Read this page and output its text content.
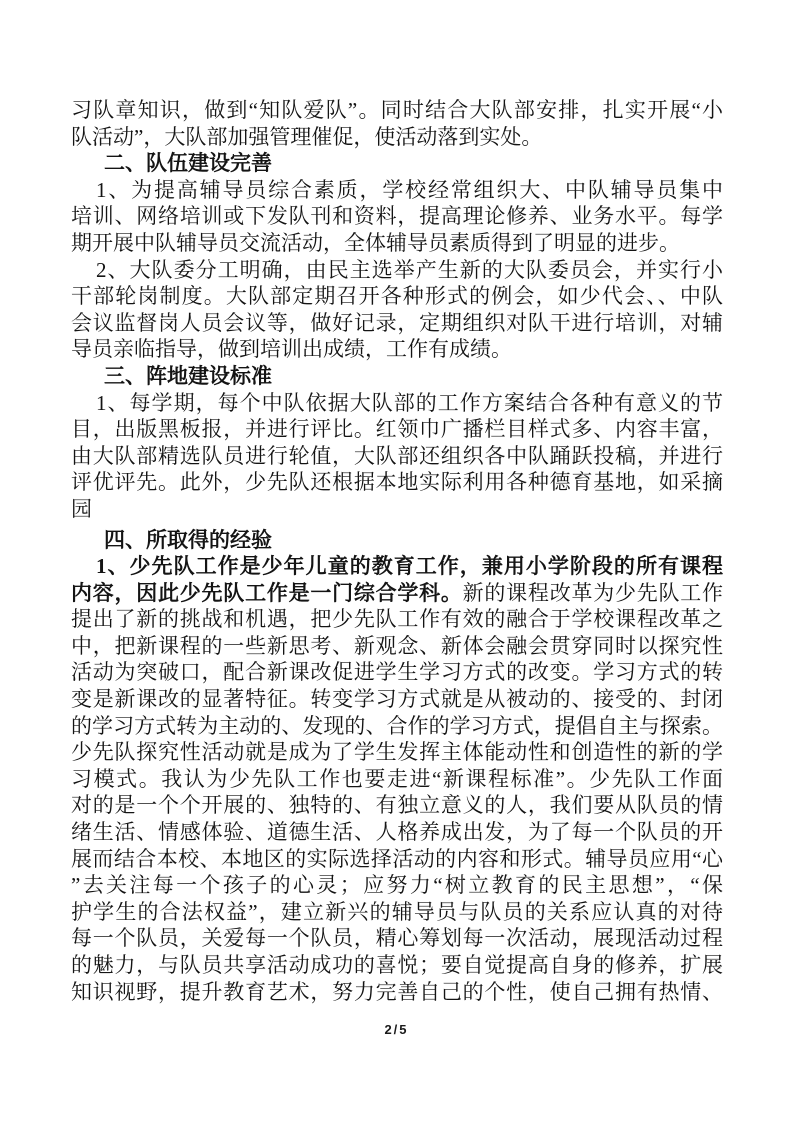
习队章知识，做到“知队爱队”。同时结合大队部安排，扎实开展“小
队活动”，大队部加强管理催促，使活动落到实处。
二、队伍建设完善
1、为提高辅导员综合素质，学校经常组织大、中队辅导员集中
培训、网络培训或下发队刊和资料，提高理论修养、业务水平。每学
期开展中队辅导员交流活动，全体辅导员素质得到了明显的进步。
2、大队委分工明确，由民主选举产生新的大队委员会，并实行小
干部轮岗制度。大队部定期召开各种形式的例会，如少代会、、中队
会议监督岗人员会议等，做好记录，定期组织对队干进行培训，对辅
导员亲临指导，做到培训出成绩，工作有成绩。
三、阵地建设标准
1、每学期，每个中队依据大队部的工作方案结合各种有意义的节
目，出版黑板报，并进行评比。红领巾广播栏目样式多、内容丰富，
由大队部精选队员进行轮值，大队部还组织各中队踊跃投稿，并进行
评优评先。此外，少先队还根据本地实际利用各种德育基地，如采摘
园
四、所取得的经验
1、少先队工作是少年儿童的教育工作，兼用小学阶段的所有课程
内容，因此少先队工作是一门综合学科。新的课程改革为少先队工作
提出了新的挑战和机遇，把少先队工作有效的融合于学校课程改革之
中，把新课程的一些新思考、新观念、新体会融会贯穿同时以探究性
活动为突破口，配合新课改促进学生学习方式的改变。学习方式的转
变是新课改的显著特征。转变学习方式就是从被动的、接受的、封闭
的学习方式转为主动的、发现的、合作的学习方式，提倡自主与探索。
少先队探究性活动就是成为了学生发挥主体能动性和创造性的新的学
习模式。我认为少先队工作也要走进“新课程标准”。少先队工作面
对的是一个个开展的、独特的、有独立意义的人，我们要从队员的情
绪生活、情感体验、道德生活、人格养成出发，为了每一个队员的开
展而结合本校、本地区的实际选择活动的内容和形式。辅导员应用“心
”去关注每一个孩子的心灵；应努力“树立教育的民主思想”，“保
护学生的合法权益”，建立新兴的辅导员与队员的关系应认真的对待
每一个队员，关爱每一个队员，精心筹划每一次活动，展现活动过程
的魅力，与队员共享活动成功的喜悦；要自觉提高自身的修养，扩展
知识视野，提升教育艺术，努力完善自己的个性，使自己拥有热情、
2/5
